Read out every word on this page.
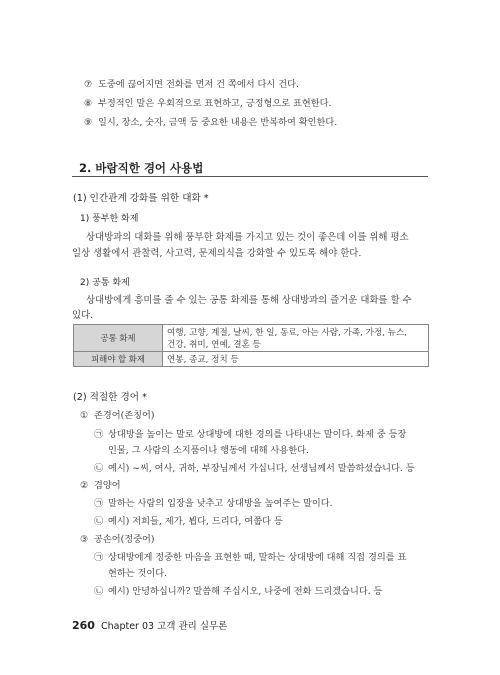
⑦ 도중에 끊어지면 전화를 먼저 건 쪽에서 다시 건다.
⑧ 부정적인 말은 우회적으로 표현하고, 긍정형으로 표현한다.
⑨ 일시, 장소, 숫자, 금액 등 중요한 내용은 반복하여 확인한다.
2. 바람직한 경어 사용법
(1) 인간관계 강화를 위한 대화 *
1) 풍부한 화제
상대방과의 대화를 위해 풍부한 화제를 가지고 있는 것이 좋은데 이를 위해 평소
일상 생활에서 관찰력, 사고력, 문제의식을 강화할 수 있도록 해야 한다.
2) 공통 화제
상대방에게 흥미를 줄 수 있는 공통 화제를 통해 상대방과의 즐거운 대화를 할 수
있다.
공통 화제	여행, 고향, 계절, 날씨, 한 일, 동료, 아는 사람, 가족, 가정, 뉴스,
건강, 취미, 연예, 결혼 등

피해야 할 화제	연봉, 종교, 정치 등
(2) 적절한 경어 *
① 존경어(존칭어)
㉠ 상대방을 높이는 말로 상대방에 대한 경의를 나타내는 말이다. 화제 중 등장
인물, 그 사람의 소지품이나 행동에 대해 사용한다.
㉡ 예시) ~씨, 여사, 귀하, 부장님께서 가십니다, 선생님께서 말씀하셨습니다. 등
② 겸양어
㉠ 말하는 사람의 입장을 낮추고 상대방을 높여주는 말이다.
㉡ 예시) 저희들, 제가, 뵙다, 드리다, 여쭙다 등
③ 공손어(정중어)
㉠ 상대방에게 정중한 마음을 표현한 때, 말하는 상대방에 대해 직접 경의를 표
현하는 것이다.
㉡ 예시) 안녕하십니까? 말씀해 주십시오, 나중에 전화 드리겠습니다. 등
260 Chapter 03 고객 관리 실무론
